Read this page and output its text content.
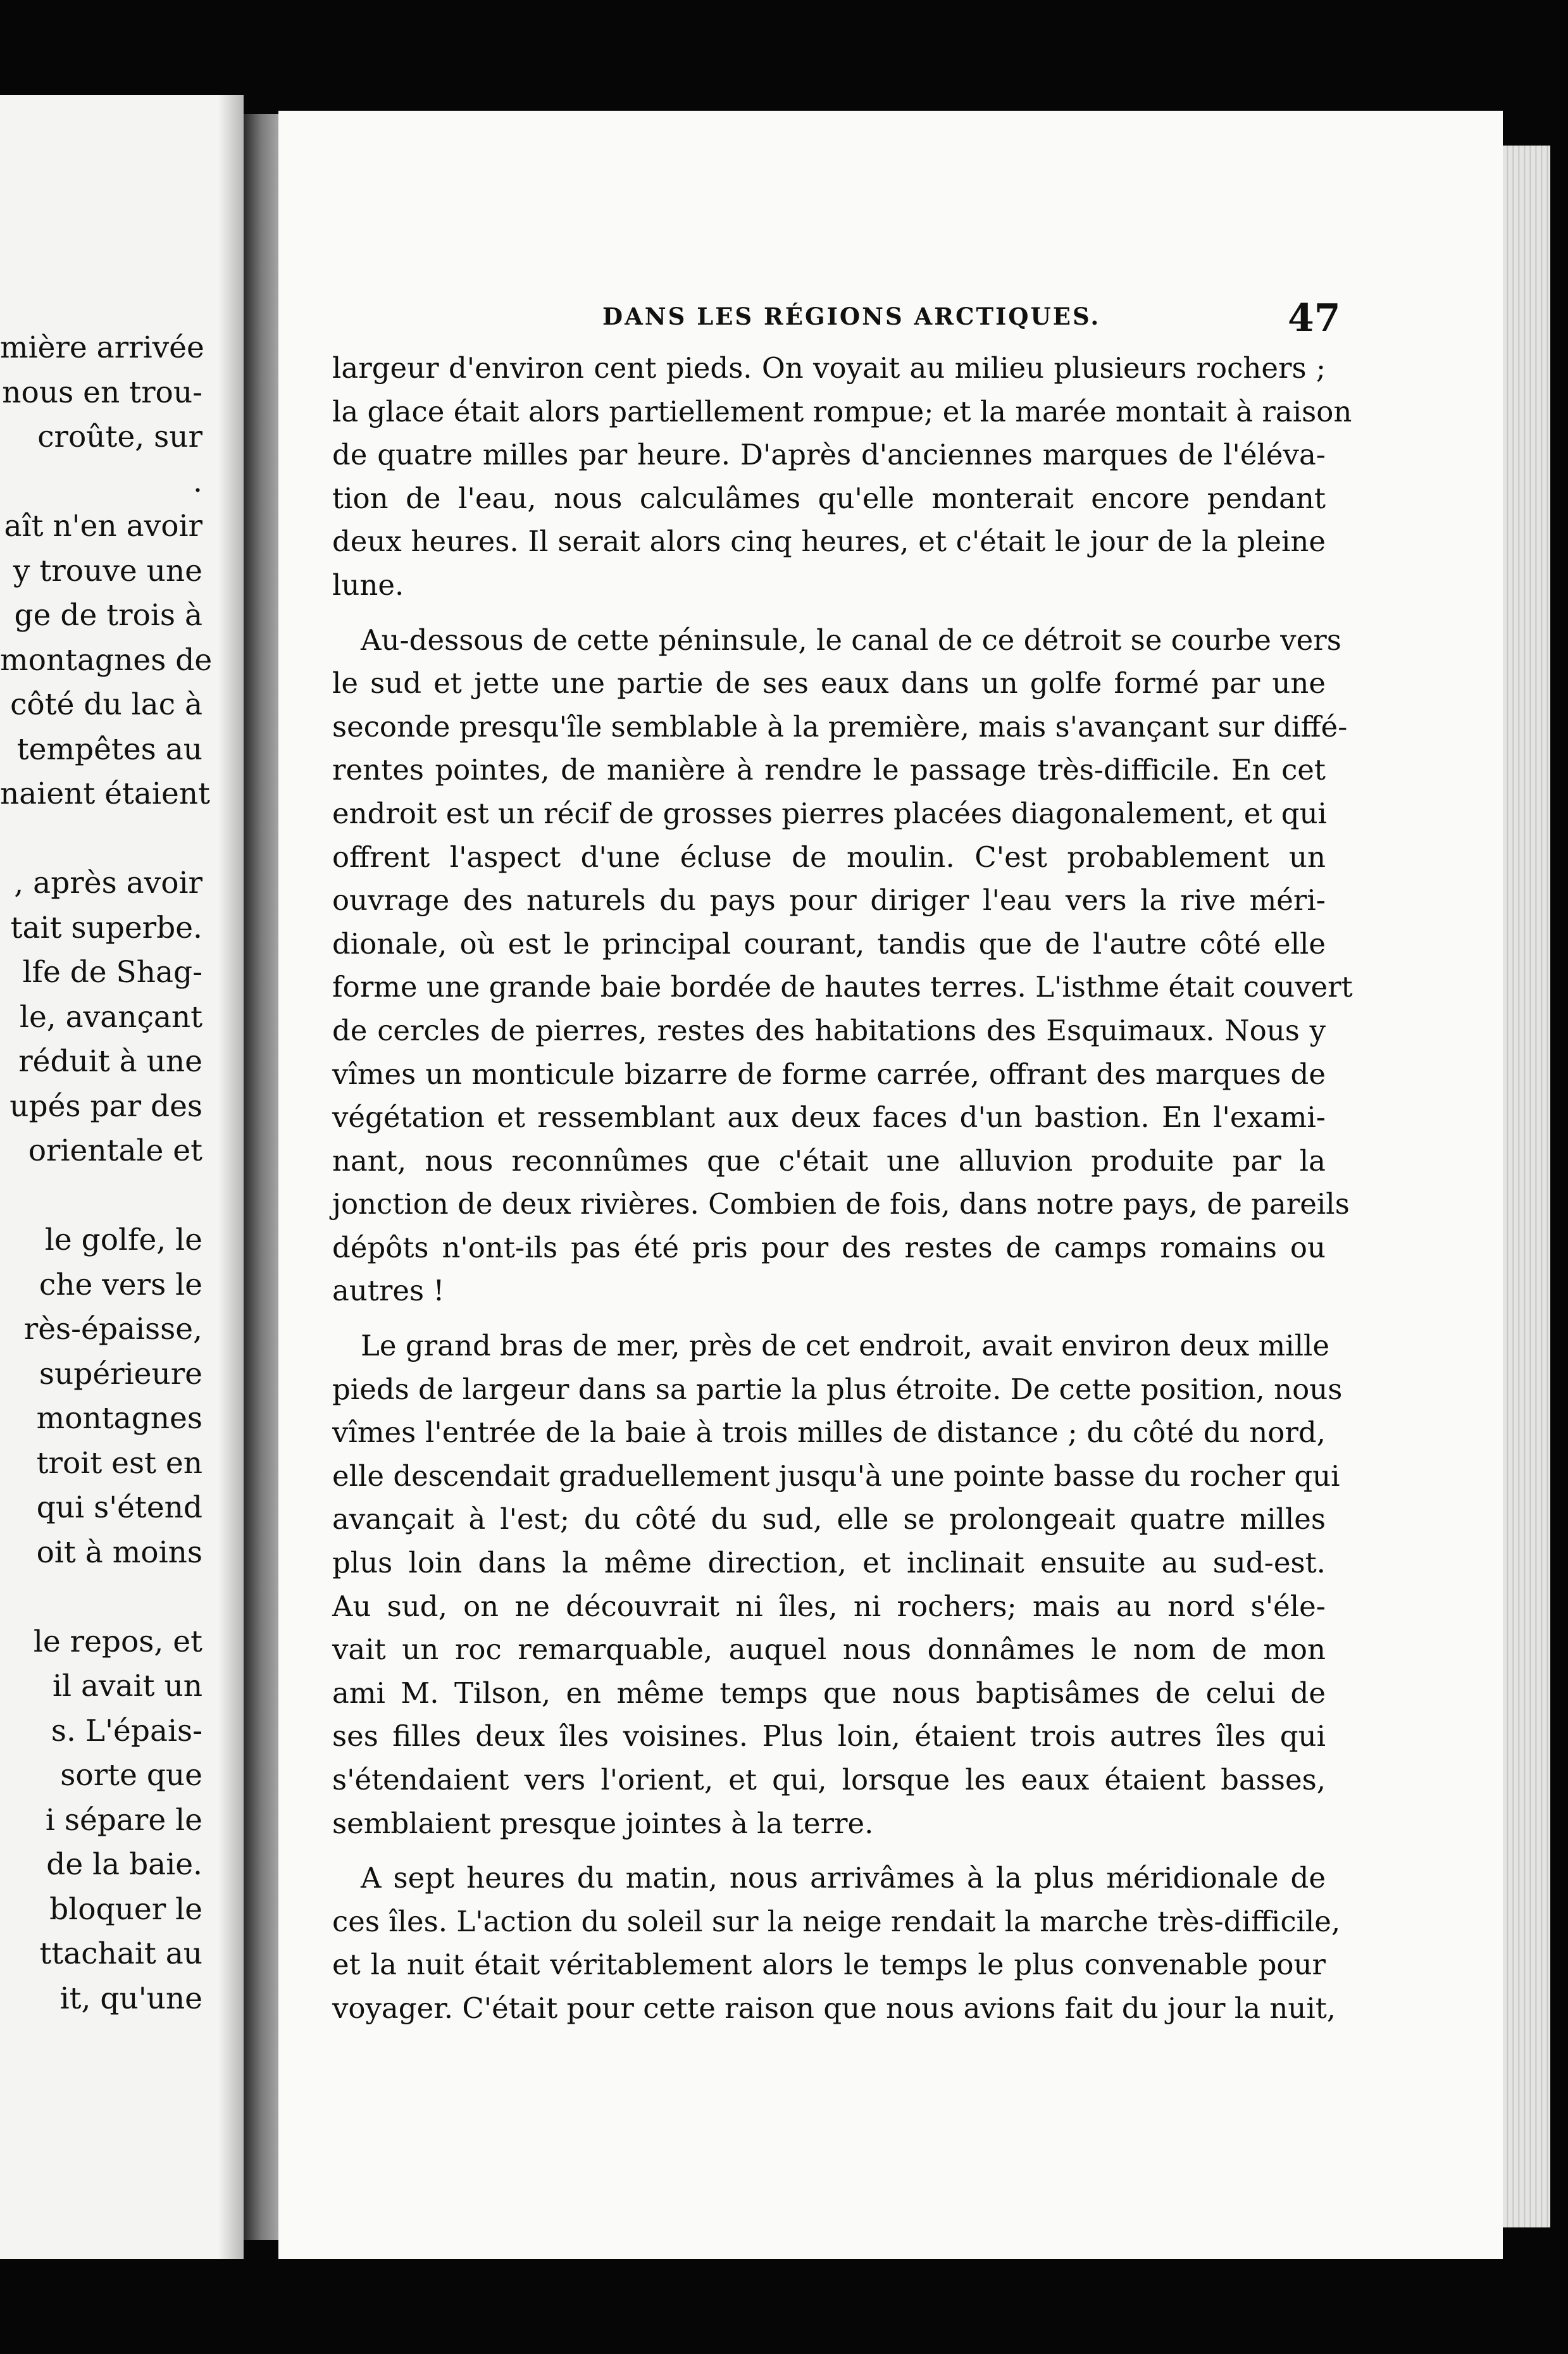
mière arrivée
nous en trou-
croûte, sur
.
aît n'en avoir
y trouve une
ge de trois à
montagnes de
côté du lac à
tempêtes au
naient étaient
, après avoir
tait superbe.
lfe de Shag-
le, avançant
réduit à une
upés par des
orientale et
le golfe, le
che vers le
rès-épaisse,
supérieure
montagnes
troit est en
qui s'étend
oit à moins
le repos, et
il avait un
s. L'épais-
sorte que
i sépare le
de la baie.
bloquer le
ttachait au
it, qu'une
DANS LES RÉGIONS ARCTIQUES.	47
largeur d'environ cent pieds. On voyait au milieu plusieurs rochers ;
la glace était alors partiellement rompue; et la marée montait à raison
de quatre milles par heure. D'après d'anciennes marques de l'éléva-
tion de l'eau, nous calculâmes qu'elle monterait encore pendant
deux heures. Il serait alors cinq heures, et c'était le jour de la pleine
lune.
Au-dessous de cette péninsule, le canal de ce détroit se courbe vers
le sud et jette une partie de ses eaux dans un golfe formé par une
seconde presqu'île semblable à la première, mais s'avançant sur diffé-
rentes pointes, de manière à rendre le passage très-difficile. En cet
endroit est un récif de grosses pierres placées diagonalement, et qui
offrent l'aspect d'une écluse de moulin. C'est probablement un
ouvrage des naturels du pays pour diriger l'eau vers la rive méri-
dionale, où est le principal courant, tandis que de l'autre côté elle
forme une grande baie bordée de hautes terres. L'isthme était couvert
de cercles de pierres, restes des habitations des Esquimaux. Nous y
vîmes un monticule bizarre de forme carrée, offrant des marques de
végétation et ressemblant aux deux faces d'un bastion. En l'exami-
nant, nous reconnûmes que c'était une alluvion produite par la
jonction de deux rivières. Combien de fois, dans notre pays, de pareils
dépôts n'ont-ils pas été pris pour des restes de camps romains ou
autres !
Le grand bras de mer, près de cet endroit, avait environ deux mille
pieds de largeur dans sa partie la plus étroite. De cette position, nous
vîmes l'entrée de la baie à trois milles de distance ; du côté du nord,
elle descendait graduellement jusqu'à une pointe basse du rocher qui
avançait à l'est; du côté du sud, elle se prolongeait quatre milles
plus loin dans la même direction, et inclinait ensuite au sud-est.
Au sud, on ne découvrait ni îles, ni rochers; mais au nord s'éle-
vait un roc remarquable, auquel nous donnâmes le nom de mon
ami M. Tilson, en même temps que nous baptisâmes de celui de
ses filles deux îles voisines. Plus loin, étaient trois autres îles qui
s'étendaient vers l'orient, et qui, lorsque les eaux étaient basses,
semblaient presque jointes à la terre.
A sept heures du matin, nous arrivâmes à la plus méridionale de
ces îles. L'action du soleil sur la neige rendait la marche très-difficile,
et la nuit était véritablement alors le temps le plus convenable pour
voyager. C'était pour cette raison que nous avions fait du jour la nuit,
